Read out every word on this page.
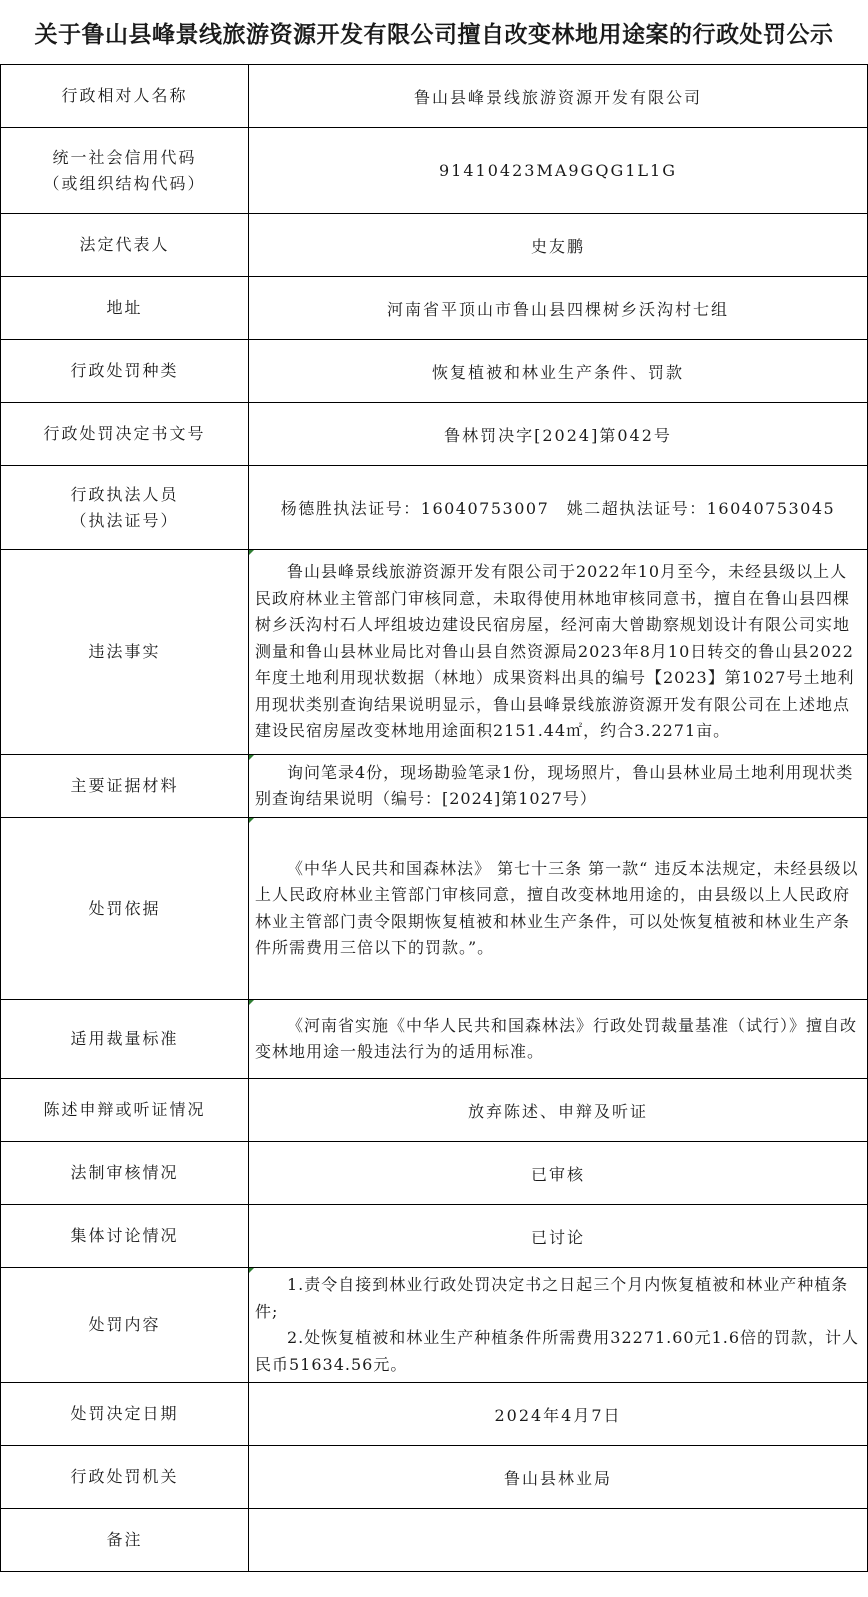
关于鲁山县峰景线旅游资源开发有限公司擅自改变林地用途案的行政处罚公示
行政相对人名称	鲁山县峰景线旅游资源开发有限公司

统一社会信用代码
（或组织结构代码）	91410423MA9GQG1L1G
法定代表人	史友鹏
地址	河南省平顶山市鲁山县四棵树乡沃沟村七组
行政处罚种类	恢复植被和林业生产条件、罚款
行政处罚决定书文号	鲁林罚决字[2024]第042号

行政执法人员
（执法证号）	杨德胜执法证号：16040753007　姚二超执法证号：16040753045
违法事实	鲁山县峰景线旅游资源开发有限公司于2022年10月至今，未经县级以上人民政府林业主管部门审核同意，未取得使用林地审核同意书，擅自在鲁山县四棵树乡沃沟村石人坪组坡边建设民宿房屋，经河南大曾勘察规划设计有限公司实地测量和鲁山县林业局比对鲁山县自然资源局2023年8月10日转交的鲁山县2022年度土地利用现状数据（林地）成果资料出具的编号【2023】第1027号土地利用现状类别查询结果说明显示，鲁山县峰景线旅游资源开发有限公司在上述地点建设民宿房屋改变林地用途面积2151.44㎡，约合3.2271亩。

主要证据材料	询问笔录4份，现场勘验笔录1份，现场照片，鲁山县林业局土地利用现状类别查询结果说明（编号：[2024]第1027号）

处罚依据	《中华人民共和国森林法》 第七十三条 第一款“ 违反本法规定，未经县级以上人民政府林业主管部门审核同意，擅自改变林地用途的，由县级以上人民政府林业主管部门责令限期恢复植被和林业生产条件，可以处恢复植被和林业生产条件所需费用三倍以下的罚款。”。

适用裁量标准	《河南省实施《中华人民共和国森林法》行政处罚裁量基准（试行）》擅自改变林地用途一般违法行为的适用标准。

陈述申辩或听证情况	放弃陈述、申辩及听证
法制审核情况	已审核
集体讨论情况	已讨论
处罚内容	1.责令自接到林业行政处罚决定书之日起三个月内恢复植被和林业产种植条件;
2.处恢复植被和林业生产种植条件所需费用32271.60元1.6倍的罚款，计人民币51634.56元。

处罚决定日期	2024年4月7日
行政处罚机关	鲁山县林业局
备注	
